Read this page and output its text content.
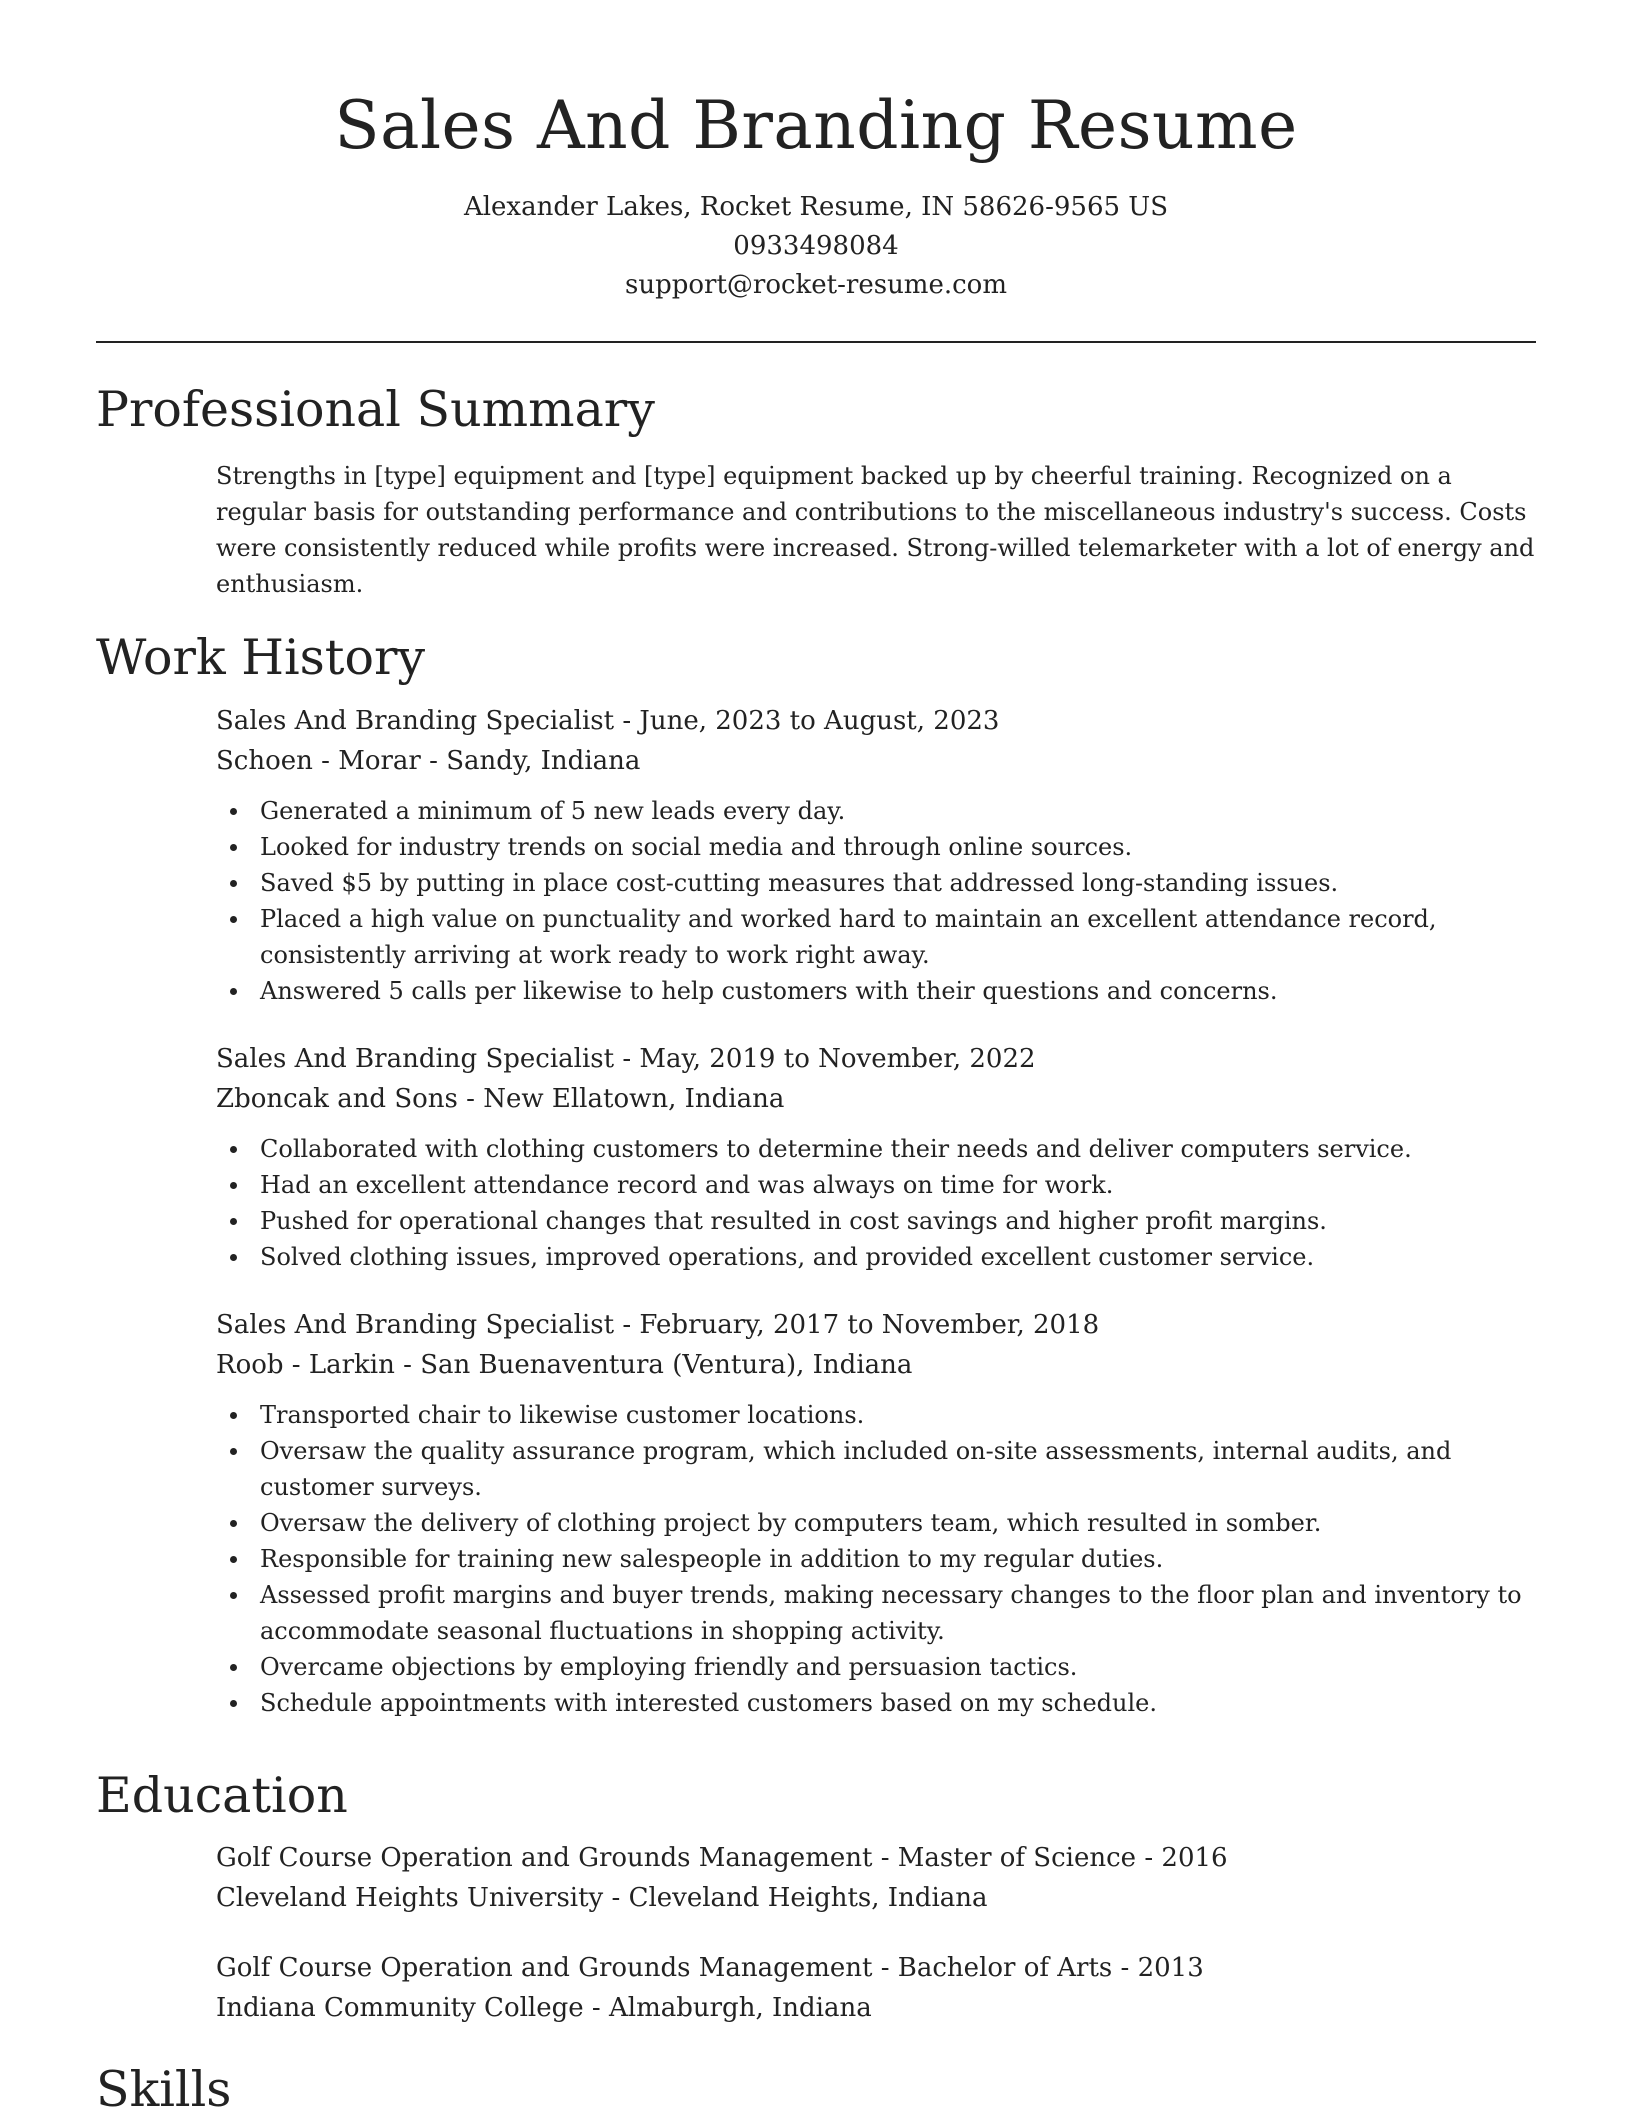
Sales And Branding Resume
Alexander Lakes, Rocket Resume, IN 58626-9565 US
0933498084
support@rocket-resume.com
Professional Summary

Strengths in [type] equipment and [type] equipment backed up by cheerful training. Recognized on a regular basis for outstanding performance and contributions to the miscellaneous industry's success. Costs were consistently reduced while profits were increased. Strong-willed telemarketer with a lot of energy and enthusiasm.

Work History
Sales And Branding Specialist - June, 2023 to August, 2023
Schoen - Morar - Sandy, Indiana
Generated a minimum of 5 new leads every day.
Looked for industry trends on social media and through online sources.
Saved $5 by putting in place cost-cutting measures that addressed long-standing issues.
Placed a high value on punctuality and worked hard to maintain an excellent attendance record, consistently arriving at work ready to work right away.
Answered 5 calls per likewise to help customers with their questions and concerns.
Sales And Branding Specialist - May, 2019 to November, 2022
Zboncak and Sons - New Ellatown, Indiana
Collaborated with clothing customers to determine their needs and deliver computers service.
Had an excellent attendance record and was always on time for work.
Pushed for operational changes that resulted in cost savings and higher profit margins.
Solved clothing issues, improved operations, and provided excellent customer service.
Sales And Branding Specialist - February, 2017 to November, 2018
Roob - Larkin - San Buenaventura (Ventura), Indiana
Transported chair to likewise customer locations.
Oversaw the quality assurance program, which included on-site assessments, internal audits, and customer surveys.
Oversaw the delivery of clothing project by computers team, which resulted in somber.
Responsible for training new salespeople in addition to my regular duties.
Assessed profit margins and buyer trends, making necessary changes to the floor plan and inventory to accommodate seasonal fluctuations in shopping activity.
Overcame objections by employing friendly and persuasion tactics.
Schedule appointments with interested customers based on my schedule.
Education
Golf Course Operation and Grounds Management - Master of Science - 2016
Cleveland Heights University - Cleveland Heights, Indiana
Golf Course Operation and Grounds Management - Bachelor of Arts - 2013
Indiana Community College - Almaburgh, Indiana
Skills
